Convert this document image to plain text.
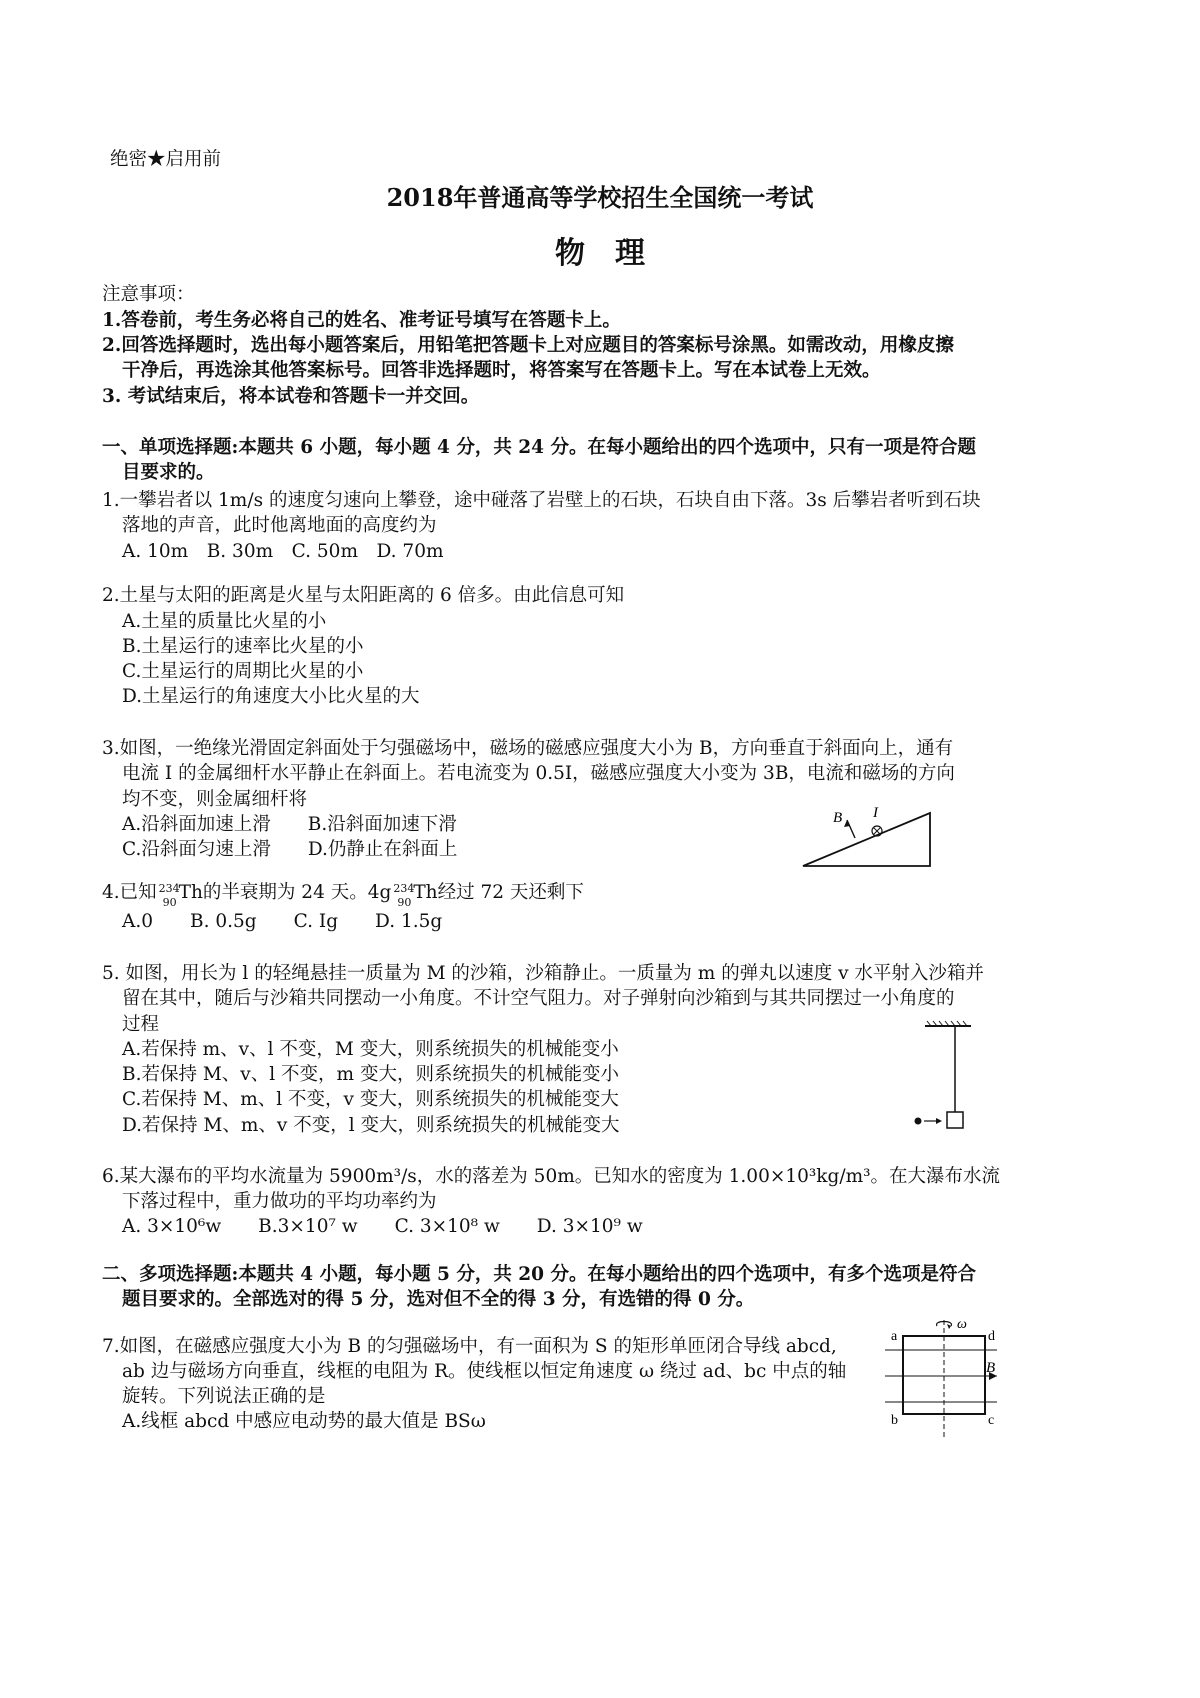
绝密★启用前
2018年普通高等学校招生全国统一考试
物　理
注意事项：
1.答卷前，考生务必将自己的姓名、准考证号填写在答题卡上。
2.回答选择题时，选出每小题答案后，用铅笔把答题卡上对应题目的答案标号涂黑。如需改动，用橡皮擦
干净后，再选涂其他答案标号。回答非选择题时，将答案写在答题卡上。写在本试卷上无效。
3. 考试结束后，将本试卷和答题卡一并交回。
一、单项选择题:本题共 6 小题，每小题 4 分，共 24 分。在每小题给出的四个选项中，只有一项是符合题
目要求的。
1.一攀岩者以 1m/s 的速度匀速向上攀登，途中碰落了岩壁上的石块，石块自由下落。3s 后攀岩者听到石块
落地的声音，此时他离地面的高度约为
A. 10m　B. 30m　C. 50m　D. 70m
2.土星与太阳的距离是火星与太阳距离的 6 倍多。由此信息可知
A.土星的质量比火星的小
B.土星运行的速率比火星的小
C.土星运行的周期比火星的小
D.土星运行的角速度大小比火星的大
3.如图，一绝缘光滑固定斜面处于匀强磁场中，磁场的磁感应强度大小为 B，方向垂直于斜面向上，通有
电流 I 的金属细杆水平静止在斜面上。若电流变为 0.5I，磁感应强度大小变为 3B，电流和磁场的方向
均不变，则金属细杆将
A.沿斜面加速上滑　　B.沿斜面加速下滑
C.沿斜面匀速上滑　　D.仍静止在斜面上
B I
4.已知 234
90 Th的半衰期为 24 天。4g 234
90 Th经过 72 天还剩下
A.0　　B. 0.5g　　C. Ig　　D. 1.5g
5. 如图，用长为 l 的轻绳悬挂一质量为 M 的沙箱，沙箱静止。一质量为 m 的弹丸以速度 v 水平射入沙箱并
留在其中，随后与沙箱共同摆动一小角度。不计空气阻力。对子弹射向沙箱到与其共同摆过一小角度的
过程
A.若保持 m、v、l 不变，M 变大，则系统损失的机械能变小
B.若保持 M、v、l 不变，m 变大，则系统损失的机械能变小
C.若保持 M、m、l 不变，v 变大，则系统损失的机械能变大
D.若保持 M、m、v 不变，l 变大，则系统损失的机械能变大
6.某大瀑布的平均水流量为 5900m³/s，水的落差为 50m。已知水的密度为 1.00×10³kg/m³。在大瀑布水流
下落过程中，重力做功的平均功率约为
A. 3×10⁶w　　B.3×10⁷ w　　C. 3×10⁸ w　　D. 3×10⁹ w
二、多项选择题:本题共 4 小题，每小题 5 分，共 20 分。在每小题给出的四个选项中，有多个选项是符合
题目要求的。全部选对的得 5 分，选对但不全的得 3 分，有选错的得 0 分。
7.如图，在磁感应强度大小为 B 的匀强磁场中，有一面积为 S 的矩形单匝闭合导线 abcd,
ab 边与磁场方向垂直，线框的电阻为 R。使线框以恒定角速度 ω 绕过 ad、bc 中点的轴
旋转。下列说法正确的是
A.线框 abcd 中感应电动势的最大值是 BSω
ω
a	d
b	c
B
